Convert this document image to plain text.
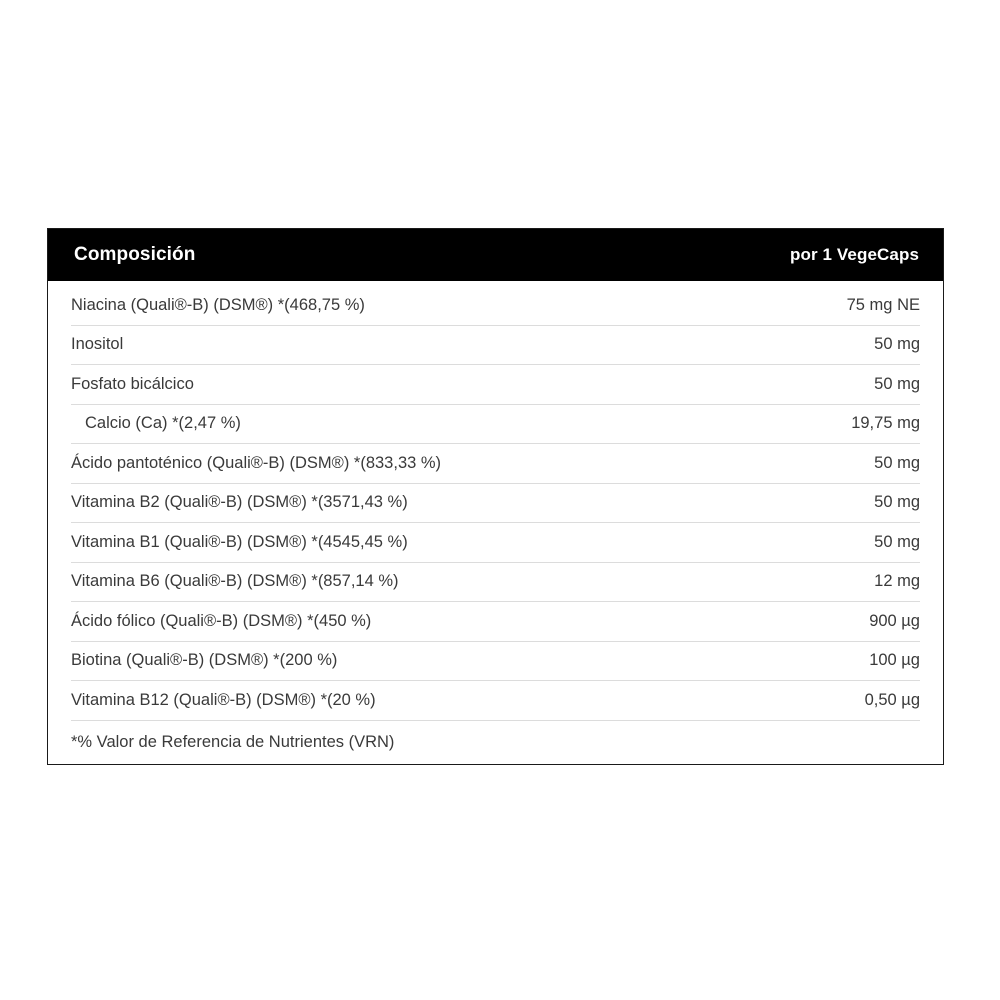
Composición	por 1 VegeCaps
Niacina (Quali®-B) (DSM®) *(468,75 %)	75 mg NE
Inositol	50 mg
Fosfato bicálcico	50 mg
Calcio (Ca) *(2,47 %)	19,75 mg
Ácido pantoténico (Quali®-B) (DSM®) *(833,33 %)	50 mg
Vitamina B2 (Quali®-B) (DSM®) *(3571,43 %)	50 mg
Vitamina B1 (Quali®-B) (DSM®) *(4545,45 %)	50 mg
Vitamina B6 (Quali®-B) (DSM®) *(857,14 %)	12 mg
Ácido fólico (Quali®-B) (DSM®) *(450 %)	900 µg
Biotina (Quali®-B) (DSM®) *(200 %)	100 µg
Vitamina B12 (Quali®-B) (DSM®) *(20 %)	0,50 µg
*% Valor de Referencia de Nutrientes (VRN)
